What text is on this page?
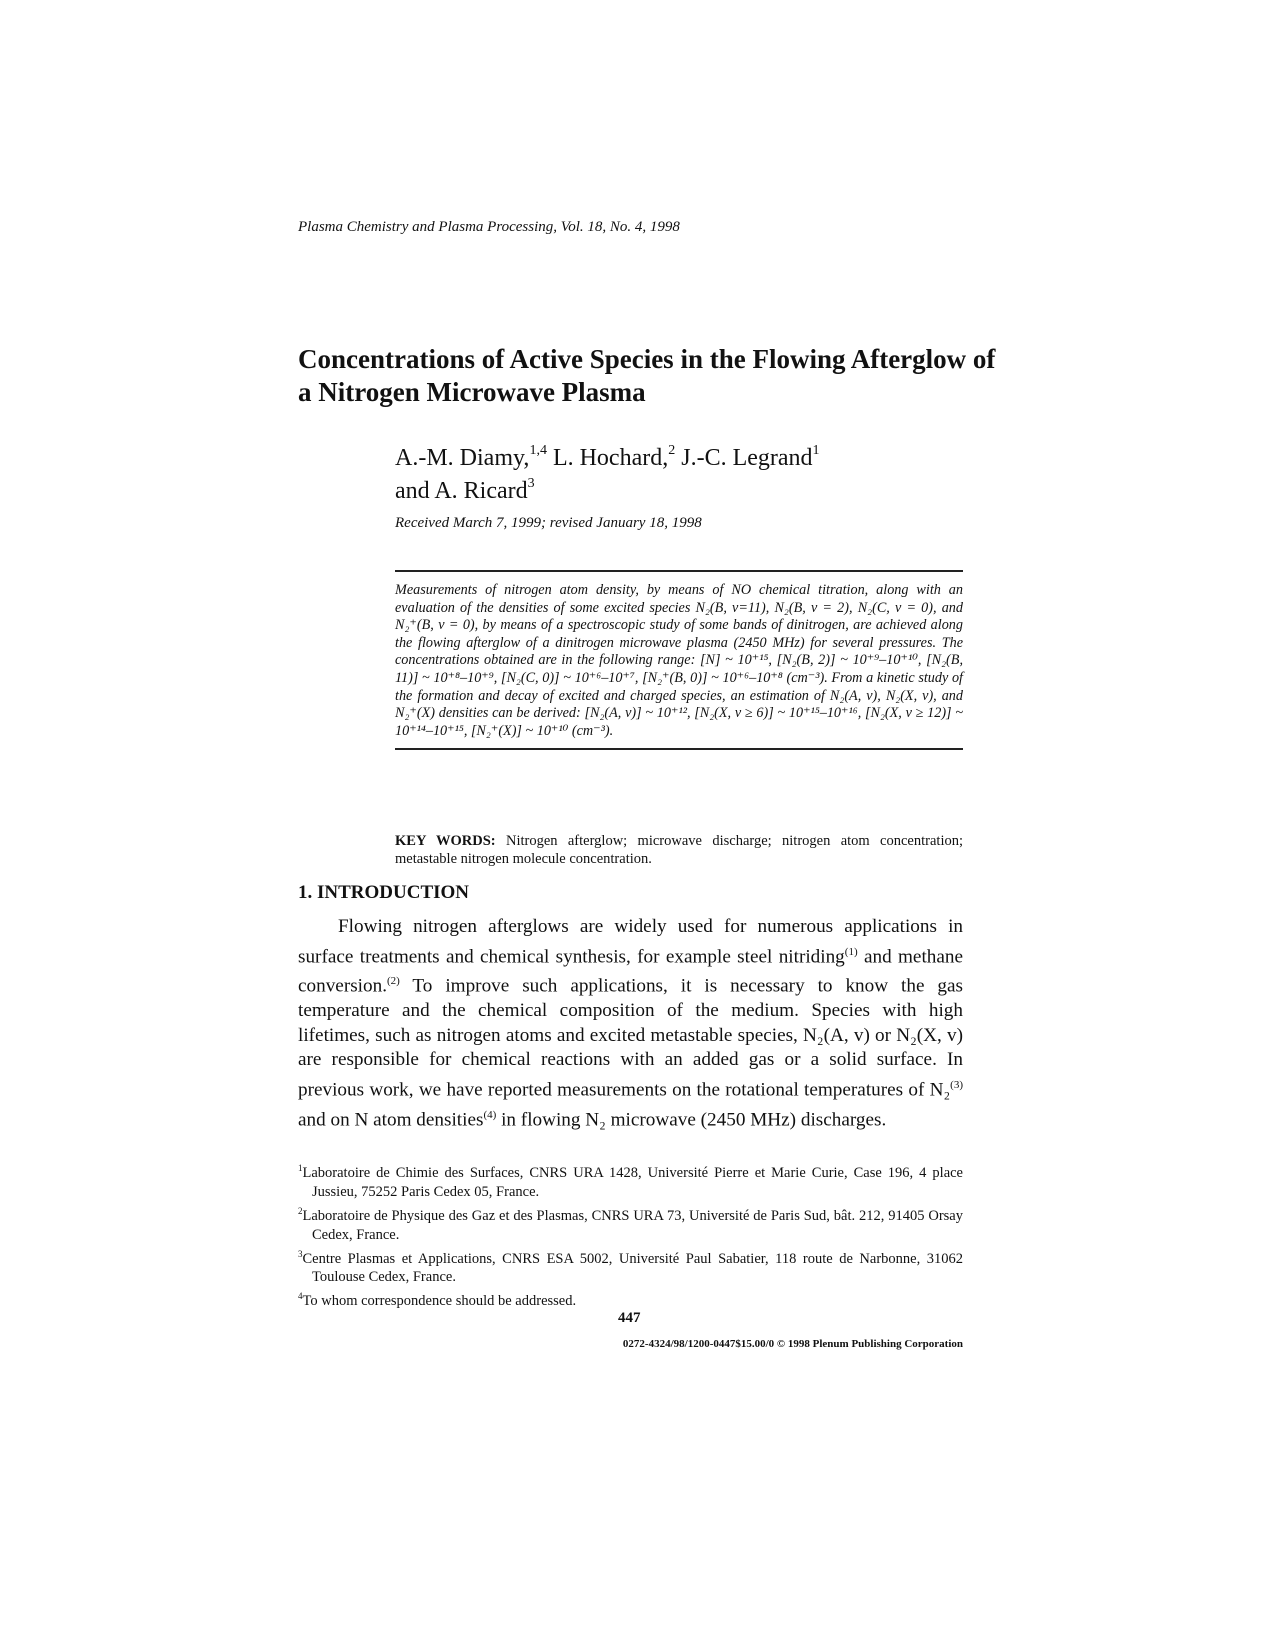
Plasma Chemistry and Plasma Processing, Vol. 18, No. 4, 1998
Concentrations of Active Species in the Flowing Afterglow of a Nitrogen Microwave Plasma
A.-M. Diamy,$^{1,4}$ L. Hochard,$^2$ J.-C. Legrand$^1$
and A. Ricard$^3$
Received March 7, 1999; revised January 18, 1998
Measurements of nitrogen atom density, by means of NO chemical titration, along with an evaluation of the densities of some excited species N₂(B, v=11), N₂(B, v = 2), N₂(C, v = 0), and N₂⁺(B, v = 0), by means of a spectroscopic study of some bands of dinitrogen, are achieved along the flowing afterglow of a dinitrogen microwave plasma (2450 MHz) for several pressures. The concentrations obtained are in the following range: [N] ~ 10⁺¹⁵, [N₂(B, 2)] ~ 10⁺⁹–10⁺¹⁰, [N₂(B, 11)] ~ 10⁺⁸–10⁺⁹, [N₂(C, 0)] ~ 10⁺⁶–10⁺⁷, [N₂⁺(B, 0)] ~ 10⁺⁶–10⁺⁸ (cm⁻³). From a kinetic study of the formation and decay of excited and charged species, an estimation of N₂(A, v), N₂(X, v), and N₂⁺(X) densities can be derived: [N₂(A, v)] ~ 10⁺¹², [N₂(X, v ≥ 6)] ~ 10⁺¹⁵–10⁺¹⁶, [N₂(X, v ≥ 12)] ~ 10⁺¹⁴–10⁺¹⁵, [N₂⁺(X)] ~ 10⁺¹⁰ (cm⁻³).
KEY WORDS: Nitrogen afterglow; microwave discharge; nitrogen atom concentration; metastable nitrogen molecule concentration.
1. INTRODUCTION

Flowing nitrogen afterglows are widely used for numerous applications in surface treatments and chemical synthesis, for example steel nitriding$^{(1)}$ and methane conversion.$^{(2)}$ To improve such applications, it is necessary to know the gas temperature and the chemical composition of the medium. Species with high lifetimes, such as nitrogen atoms and excited metastable species, N₂(A, v) or N₂(X, v) are responsible for chemical reactions with an added gas or a solid surface. In previous work, we have reported measurements on the rotational temperatures of N₂$^{(3)}$ and on N atom densities$^{(4)}$ in flowing N₂ microwave (2450 MHz) discharges.

$^1$Laboratoire de Chimie des Surfaces, CNRS URA 1428, Université Pierre et Marie Curie, Case 196, 4 place Jussieu, 75252 Paris Cedex 05, France.

$^2$Laboratoire de Physique des Gaz et des Plasmas, CNRS URA 73, Université de Paris Sud, bât. 212, 91405 Orsay Cedex, France.

$^3$Centre Plasmas et Applications, CNRS ESA 5002, Université Paul Sabatier, 118 route de Narbonne, 31062 Toulouse Cedex, France.

$^4$To whom correspondence should be addressed.

447
0272-4324/98/1200-0447$15.00/0 © 1998 Plenum Publishing Corporation
